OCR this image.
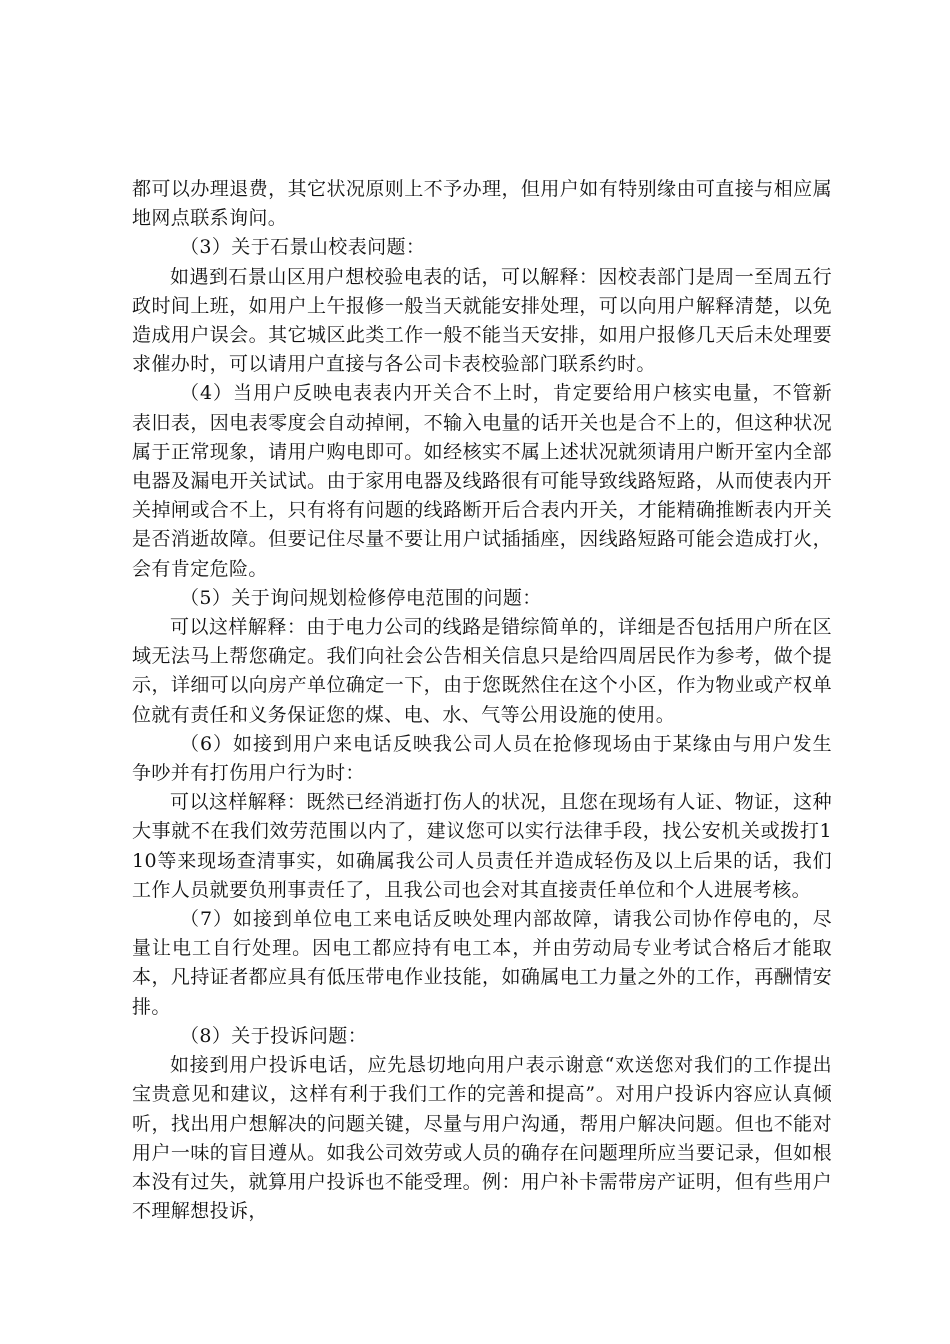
都可以办理退费，其它状况原则上不予办理，但用户如有特别缘由可直接与相应属地网点联系询问。

（3）关于石景山校表问题：

如遇到石景山区用户想校验电表的话，可以解释：因校表部门是周一至周五行政时间上班，如用户上午报修一般当天就能安排处理，可以向用户解释清楚，以免造成用户误会。其它城区此类工作一般不能当天安排，如用户报修几天后未处理要求催办时，可以请用户直接与各公司卡表校验部门联系约时。

（4）当用户反映电表表内开关合不上时，肯定要给用户核实电量，不管新表旧表，因电表零度会自动掉闸，不输入电量的话开关也是合不上的，但这种状况属于正常现象，请用户购电即可。如经核实不属上述状况就须请用户断开室内全部电器及漏电开关试试。由于家用电器及线路很有可能导致线路短路，从而使表内开关掉闸或合不上，只有将有问题的线路断开后合表内开关，才能精确推断表内开关是否消逝故障。但要记住尽量不要让用户试插插座，因线路短路可能会造成打火，会有肯定危险。

（5）关于询问规划检修停电范围的问题：

可以这样解释：由于电力公司的线路是错综简单的，详细是否包括用户所在区域无法马上帮您确定。我们向社会公告相关信息只是给四周居民作为参考，做个提示，详细可以向房产单位确定一下，由于您既然住在这个小区，作为物业或产权单位就有责任和义务保证您的煤、电、水、气等公用设施的使用。

（6）如接到用户来电话反映我公司人员在抢修现场由于某缘由与用户发生争吵并有打伤用户行为时：

可以这样解释：既然已经消逝打伤人的状况，且您在现场有人证、物证，这种大事就不在我们效劳范围以内了，建议您可以实行法律手段，找公安机关或拨打110等来现场查清事实，如确属我公司人员责任并造成轻伤及以上后果的话，我们工作人员就要负刑事责任了，且我公司也会对其直接责任单位和个人进展考核。

（7）如接到单位电工来电话反映处理内部故障，请我公司协作停电的，尽量让电工自行处理。因电工都应持有电工本，并由劳动局专业考试合格后才能取本，凡持证者都应具有低压带电作业技能，如确属电工力量之外的工作，再酬情安排。

（8）关于投诉问题：

如接到用户投诉电话，应先恳切地向用户表示谢意“欢送您对我们的工作提出宝贵意见和建议，这样有利于我们工作的完善和提高”。对用户投诉内容应认真倾听，找出用户想解决的问题关键，尽量与用户沟通，帮用户解决问题。但也不能对用户一味的盲目遵从。如我公司效劳或人员的确存在问题理所应当要记录，但如根本没有过失，就算用户投诉也不能受理。例：用户补卡需带房产证明，但有些用户不理解想投诉，
